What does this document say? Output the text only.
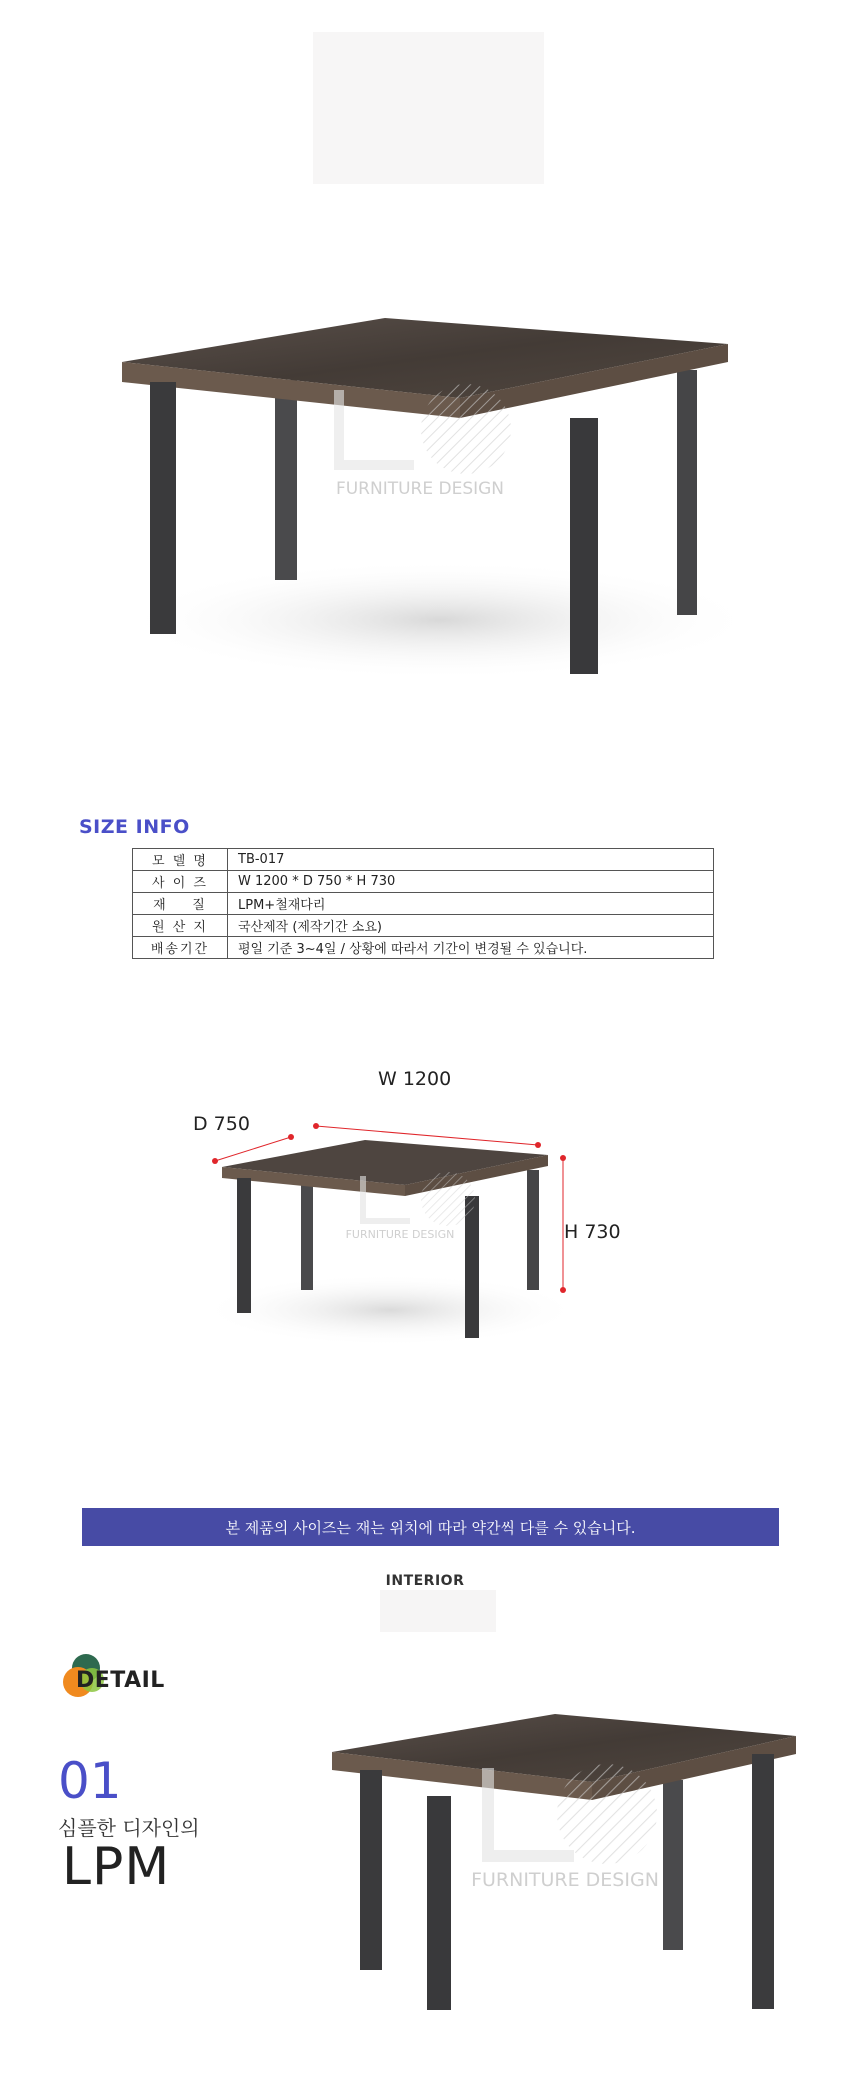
FURNITURE DESIGN
SIZE INFO
모 델 명	TB-017
사 이 즈	W 1200 * D 750 * H 730
재    질	LPM+철재다리
원 산 지	국산제작 (제작기간 소요)
배송기간	평일 기준 3~4일 / 상황에 따라서 기간이 변경될 수 있습니다.
W 1200
D 750
H 730
FURNITURE DESIGN
본 제품의 사이즈는 재는 위치에 따라 약간씩 다를 수 있습니다.
INTERIOR
DETAIL
01
심플한 디자인의
LPM	FURNITURE DESIGN
